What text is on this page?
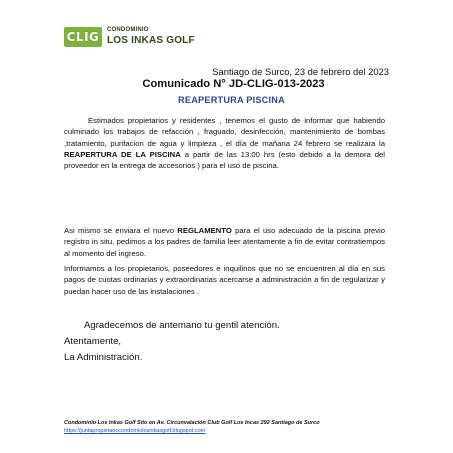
CLIG CONDOMINIO
LOS INKAS GOLF
Santiago de Surco, 23 de febrero del 2023
Comunicado N° JD-CLIG-013-2023
REAPERTURA PISCINA
Estimados propietarios y residentes , tenemos el gusto de informar que habiendo culminado los trabajos de refacción , fraguado, desinfección, mantenimiento de bombas ,tratamiento, purifacion de agua y limpieza , el día de mañana 24 febrero se realizara la REAPERTURA DE LA PISCINA a partir de las 13:00 hrs (esto debido a la demora del proveedor en la entrega de accesorios ) para el uso de piscina.
Asi mismo se enviara el nuevo REGLAMENTO para el uso adecuado de la piscina previo registro in situ, pedimos a los padres de familia leer atentamente a fin de evitar contratiempos al momento del ingreso.
Informamos a los propietarios, poseedores e inquilinos que no se encuentren al día en sus pagos de cuotas ordinarias y extraordinarias acercarse a administración a fin de regularizar y puedan hacer uso de las instalaciones .
Agradecemos de antemano tu gentil atención.
Atentamente,
La Administración.
Condominio Los Inkas Golf Sito en Av. Circunvalación Club Golf Los Incas 292 Santiago de Surco
https://juntapropietariocondomiolosinkasgolf.blogspot.com
